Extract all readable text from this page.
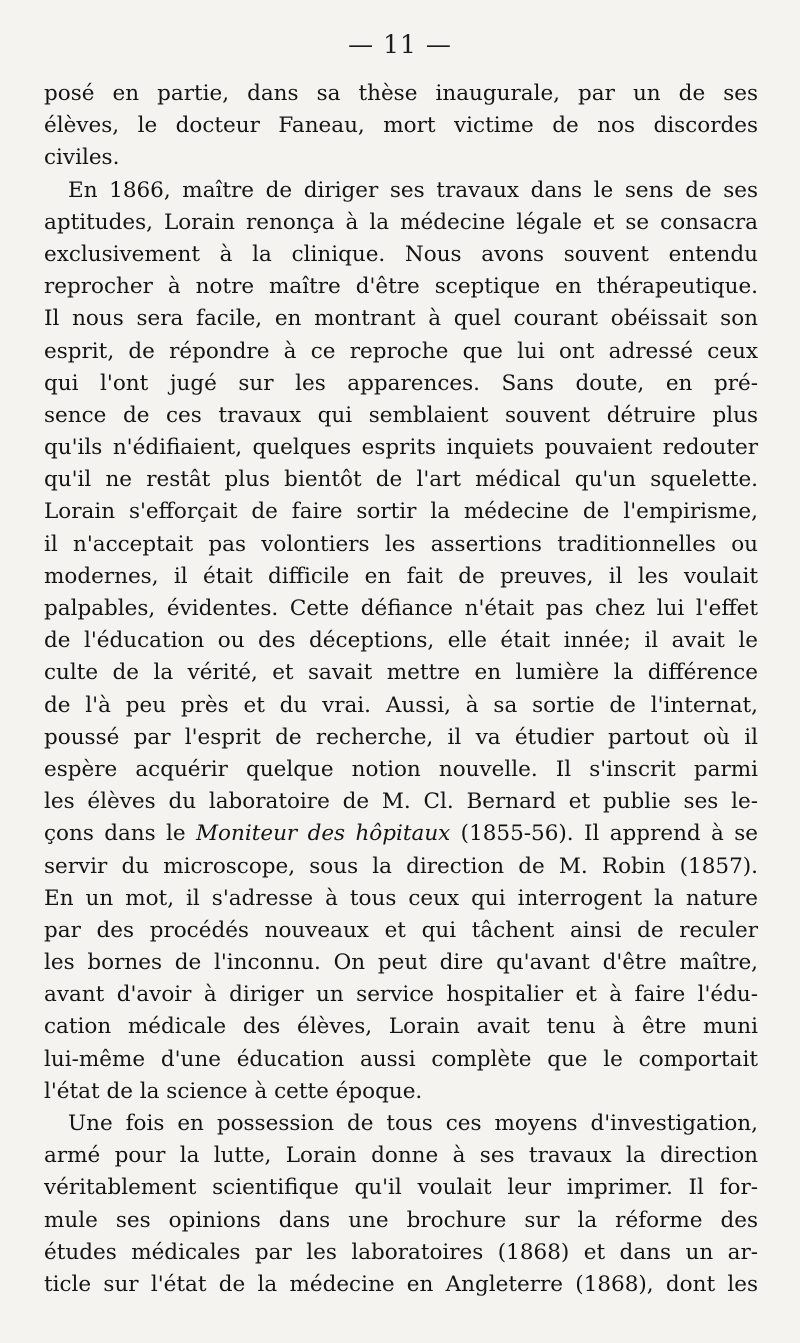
— 11 —
posé en partie, dans sa thèse inaugurale, par un de ses
élèves, le docteur Faneau, mort victime de nos discordes
civiles.
En 1866, maître de diriger ses travaux dans le sens de ses
aptitudes, Lorain renonça à la médecine légale et se consacra
exclusivement à la clinique. Nous avons souvent entendu
reprocher à notre maître d'être sceptique en thérapeutique.
Il nous sera facile, en montrant à quel courant obéissait son
esprit, de répondre à ce reproche que lui ont adressé ceux
qui l'ont jugé sur les apparences. Sans doute, en pré-
sence de ces travaux qui semblaient souvent détruire plus
qu'ils n'édifiaient, quelques esprits inquiets pouvaient redouter
qu'il ne restât plus bientôt de l'art médical qu'un squelette.
Lorain s'efforçait de faire sortir la médecine de l'empirisme,
il n'acceptait pas volontiers les assertions traditionnelles ou
modernes, il était difficile en fait de preuves, il les voulait
palpables, évidentes. Cette défiance n'était pas chez lui l'effet
de l'éducation ou des déceptions, elle était innée; il avait le
culte de la vérité, et savait mettre en lumière la différence
de l'à peu près et du vrai. Aussi, à sa sortie de l'internat,
poussé par l'esprit de recherche, il va étudier partout où il
espère acquérir quelque notion nouvelle. Il s'inscrit parmi
les élèves du laboratoire de M. Cl. Bernard et publie ses le-
çons dans le Moniteur des hôpitaux (1855-56). Il apprend à se
servir du microscope, sous la direction de M. Robin (1857).
En un mot, il s'adresse à tous ceux qui interrogent la nature
par des procédés nouveaux et qui tâchent ainsi de reculer
les bornes de l'inconnu. On peut dire qu'avant d'être maître,
avant d'avoir à diriger un service hospitalier et à faire l'édu-
cation médicale des élèves, Lorain avait tenu à être muni
lui-même d'une éducation aussi complète que le comportait
l'état de la science à cette époque.
Une fois en possession de tous ces moyens d'investigation,
armé pour la lutte, Lorain donne à ses travaux la direction
véritablement scientifique qu'il voulait leur imprimer. Il for-
mule ses opinions dans une brochure sur la réforme des
études médicales par les laboratoires (1868) et dans un ar-
ticle sur l'état de la médecine en Angleterre (1868), dont les
